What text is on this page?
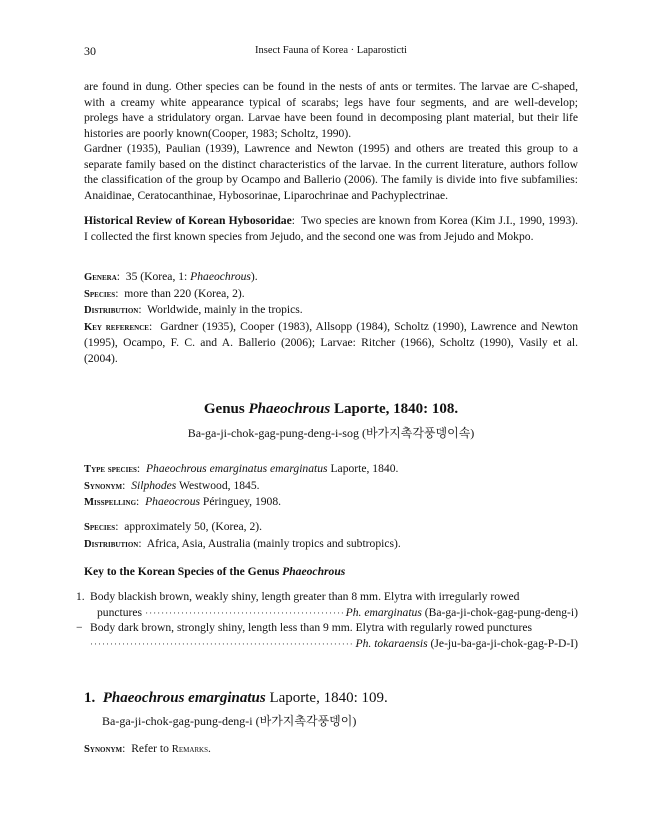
30	Insect Fauna of Korea · Laparosticti

are found in dung. Other species can be found in the nests of ants or termites. The larvae are C-shaped, with a creamy white appearance typical of scarabs; legs have four segments, and are well-develop; prolegs have a stridulatory organ. Larvae have been found in decomposing plant material, but their life histories are poorly known(Cooper, 1983; Scholtz, 1990).

Gardner (1935), Paulian (1939), Lawrence and Newton (1995) and others are treated this group to a separate family based on the distinct characteristics of the larvae. In the current literature, authors follow the classification of the group by Ocampo and Ballerio (2006). The family is divide into five subfamilies: Anaidinae, Ceratocanthinae, Hybosorinae, Liparochrinae and Pachyplectrinae.

Historical Review of Korean Hybosoridae:  Two species are known from Korea (Kim J.I., 1990, 1993). I collected the first known species from Jejudo, and the second one was from Jejudo and Mokpo.

Genera:  35 (Korea, 1: Phaeochrous).

Species:  more than 220 (Korea, 2).

Distribution:  Worldwide, mainly in the tropics.

Key reference:  Gardner (1935), Cooper (1983), Allsopp (1984), Scholtz (1990), Lawrence and Newton (1995), Ocampo, F. C. and A. Ballerio (2006); Larvae: Ritcher (1966), Scholtz (1990), Vasily et al. (2004).

Genus Phaeochrous Laporte, 1840: 108.
Ba-ga-ji-chok-gag-pung-deng-i-sog (바가지촉각풍뎅이속)

Type species:  Phaeochrous emarginatus emarginatus Laporte, 1840.

Synonym:  Silphodes Westwood, 1845.

Misspelling:  Phaeocrous Péringuey, 1908.

Species:  approximately 50, (Korea, 2).

Distribution:  Africa, Asia, Australia (mainly tropics and subtropics).

Key to the Korean Species of the Genus Phaeochrous
1. Body blackish brown, weakly shiny, length greater than 8 mm. Elytra with irregularly rowed
punctures
·····	Ph. emarginatus (Ba-ga-ji-chok-gag-pung-deng-i)
− Body dark brown, strongly shiny, length less than 9 mm. Elytra with regularly rowed punctures
·····
Ph. tokaraensis (Je-ju-ba-ga-ji-chok-gag-P-D-I)
1. Phaeochrous emarginatus Laporte, 1840: 109.
Ba-ga-ji-chok-gag-pung-deng-i (바가지촉각풍뎅이)

Synonym:  Refer to Remarks.
